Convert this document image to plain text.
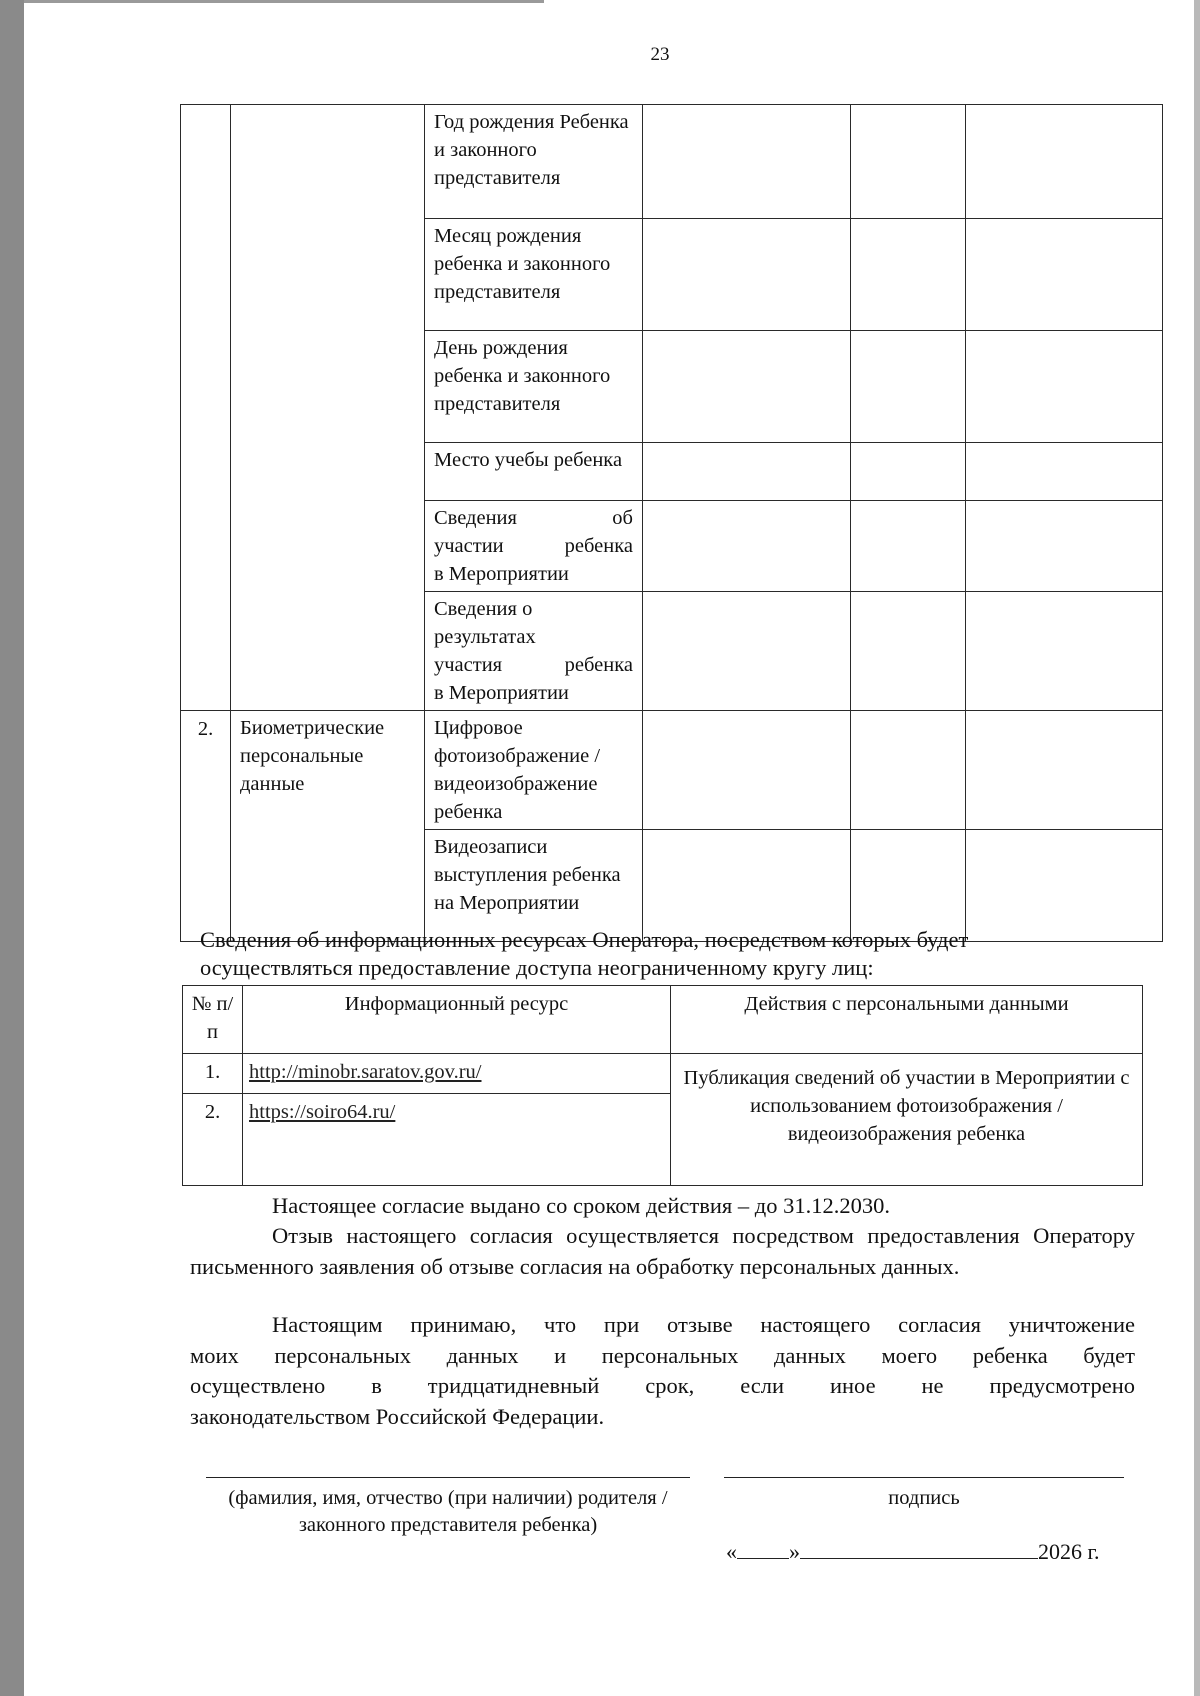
23
		Год рождения Ребенка и законного представителя			
		Месяц рождения ребенка и законного представителя			
		День рождения ребенка и законного представителя			
		Место учебы ребенка			

		Сведения об
участии ребенка
в Мероприятии			

		Сведения о
результатах
участия ребенка
в Мероприятии			

2.	Биометрические персональные данные	Цифровое фотоизображение / видеоизображение ребенка			
		Видеозаписи выступления ребенка на Мероприятии			
Сведения об информационных ресурсах Оператора, посредством которых будет осуществляться предоставление доступа неограниченному кругу лиц:
№ п/п	Информационный ресурс	Действия с персональными данными
1.	http://minobr.saratov.gov.ru/	Публикация сведений об участии в Мероприятии с использованием фотоизображения / видеоизображения ребенка
2.	https://soiro64.ru/	
Настоящее согласие выдано со сроком действия – до 31.12.2030.
Отзыв настоящего согласия осуществляется посредством предоставления Оператору письменного заявления об отзыве согласия на обработку персональных данных.
Настоящим принимаю, что при отзыве настоящего согласия уничтожение
моих персональных данных и персональных данных моего ребенка будет
осуществлено в тридцатидневный срок, если иное не предусмотрено
законодательством Российской Федерации.
(фамилия, имя, отчество (при наличии) родителя / законного представителя ребенка)
подпись
« »	2026 г.
